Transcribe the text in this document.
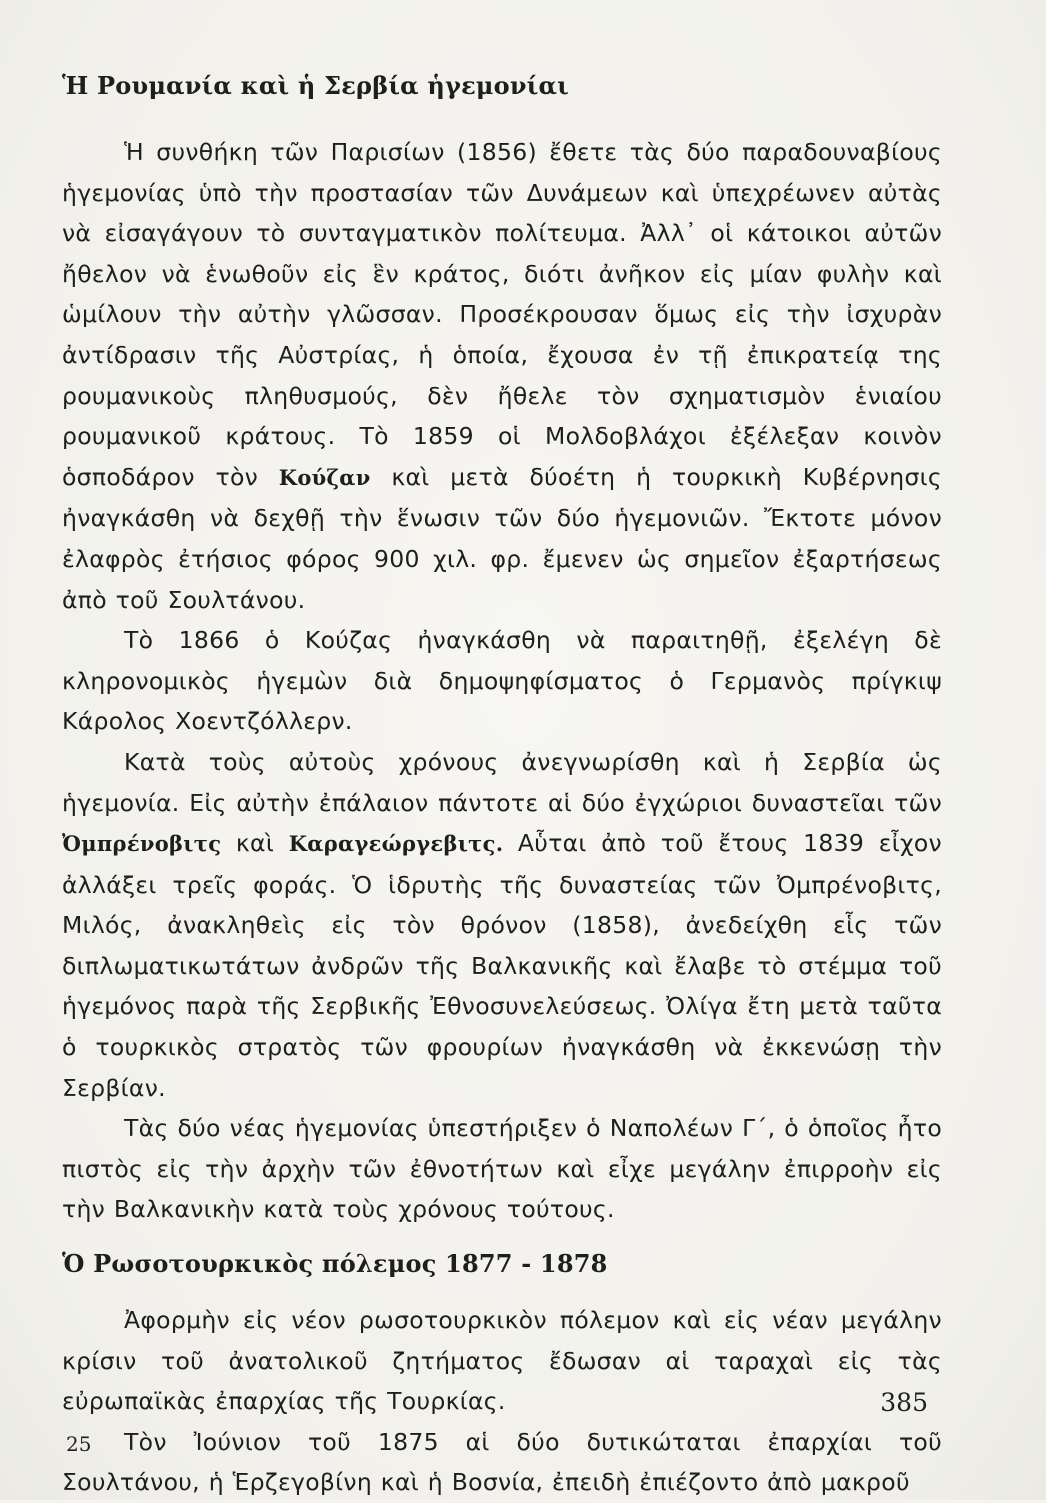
Ἡ Ρουμανία καὶ ἡ Σερβία ἡγεμονίαι

Ἡ συνθήκη τῶν Παρισίων (1856) ἔθετε τὰς δύο παραδουναβίους ἡγεμονίας ὑπὸ τὴν προστασίαν τῶν Δυνάμεων καὶ ὑπεχρέωνεν αὐτὰς νὰ εἰσαγάγουν τὸ συνταγματικὸν πολίτευμα. Ἀλλ᾿ οἱ κάτοικοι αὐτῶν ἤθελον νὰ ἑνωθοῦν εἰς ἓν κράτος, διότι ἀνῆκον εἰς μίαν φυλὴν καὶ ὡμίλουν τὴν αὐτὴν γλῶσσαν. Προσέκρουσαν ὅμως εἰς τὴν ἰσχυρὰν ἀντίδρασιν τῆς Αὐστρίας, ἡ ὁποία, ἔχουσα ἐν τῇ ἐπικρατείᾳ της ρουμανικοὺς πληθυσμούς, δὲν ἤθελε τὸν σχηματισμὸν ἑνιαίου ρουμανικοῦ κράτους. Τὸ 1859 οἱ Μολδοβλάχοι ἐξέλεξαν κοινὸν ὁσποδάρον τὸν Κούζαν καὶ μετὰ δύοέτη ἡ τουρκικὴ Κυβέρνησις ἠναγκάσθη νὰ δεχθῇ τὴν ἕνωσιν τῶν δύο ἡγεμονιῶν. Ἔκτοτε μόνον ἐλαφρὸς ἐτήσιος φόρος 900 χιλ. φρ. ἔμενεν ὡς σημεῖον ἐξαρτήσεως ἀπὸ τοῦ Σουλτάνου.

Τὸ 1866 ὁ Κούζας ἠναγκάσθη νὰ παραιτηθῇ, ἐξελέγη δὲ κληρονομικὸς ἡγεμὼν διὰ δημοψηφίσματος ὁ Γερμανὸς πρίγκιψ Κάρολος Χοεντζόλλερν.

Κατὰ τοὺς αὐτοὺς χρόνους ἀνεγνωρίσθη καὶ ἡ Σερβία ὡς ἡγεμονία. Εἰς αὐτὴν ἐπάλαιον πάντοτε αἱ δύο ἐγχώριοι δυναστεῖαι τῶν Ὀμπρένοβιτς καὶ Καραγεώργεβιτς. Αὗται ἀπὸ τοῦ ἔτους 1839 εἶχον ἀλλάξει τρεῖς φοράς. Ὁ ἱδρυτὴς τῆς δυναστείας τῶν Ὀμπρένοβιτς, Μιλός, ἀνακληθεὶς εἰς τὸν θρόνον (1858), ἀνεδείχθη εἷς τῶν διπλωματικωτάτων ἀνδρῶν τῆς Βαλκανικῆς καὶ ἔλαβε τὸ στέμμα τοῦ ἡγεμόνος παρὰ τῆς Σερβικῆς Ἐθνοσυνελεύσεως. Ὀλίγα ἔτη μετὰ ταῦτα ὁ τουρκικὸς στρατὸς τῶν φρουρίων ἠναγκάσθη νὰ ἐκκενώσῃ τὴν Σερβίαν.

Τὰς δύο νέας ἡγεμονίας ὑπεστήριξεν ὁ Ναπολέων Γ΄, ὁ ὁποῖος ἦτο πιστὸς εἰς τὴν ἀρχὴν τῶν ἐθνοτήτων καὶ εἶχε μεγάλην ἐπιρροὴν εἰς τὴν Βαλκανικὴν κατὰ τοὺς χρόνους τούτους.

Ὁ Ρωσοτουρκικὸς πόλεμος 1877 - 1878

Ἀφορμὴν εἰς νέον ρωσοτουρκικὸν πόλεμον καὶ εἰς νέαν μεγάλην κρίσιν τοῦ ἀνατολικοῦ ζητήματος ἔδωσαν αἱ ταραχαὶ εἰς τὰς εὐρωπαϊκὰς ἐπαρχίας τῆς Τουρκίας.

Τὸν Ἰούνιον τοῦ 1875 αἱ δύο δυτικώταται ἐπαρχίαι τοῦ Σουλτάνου, ἡ Ἑρζεγοβίνη καὶ ἡ Βοσνία, ἐπειδὴ ἐπιέζοντο ἀπὸ μακροῦ

385
25
